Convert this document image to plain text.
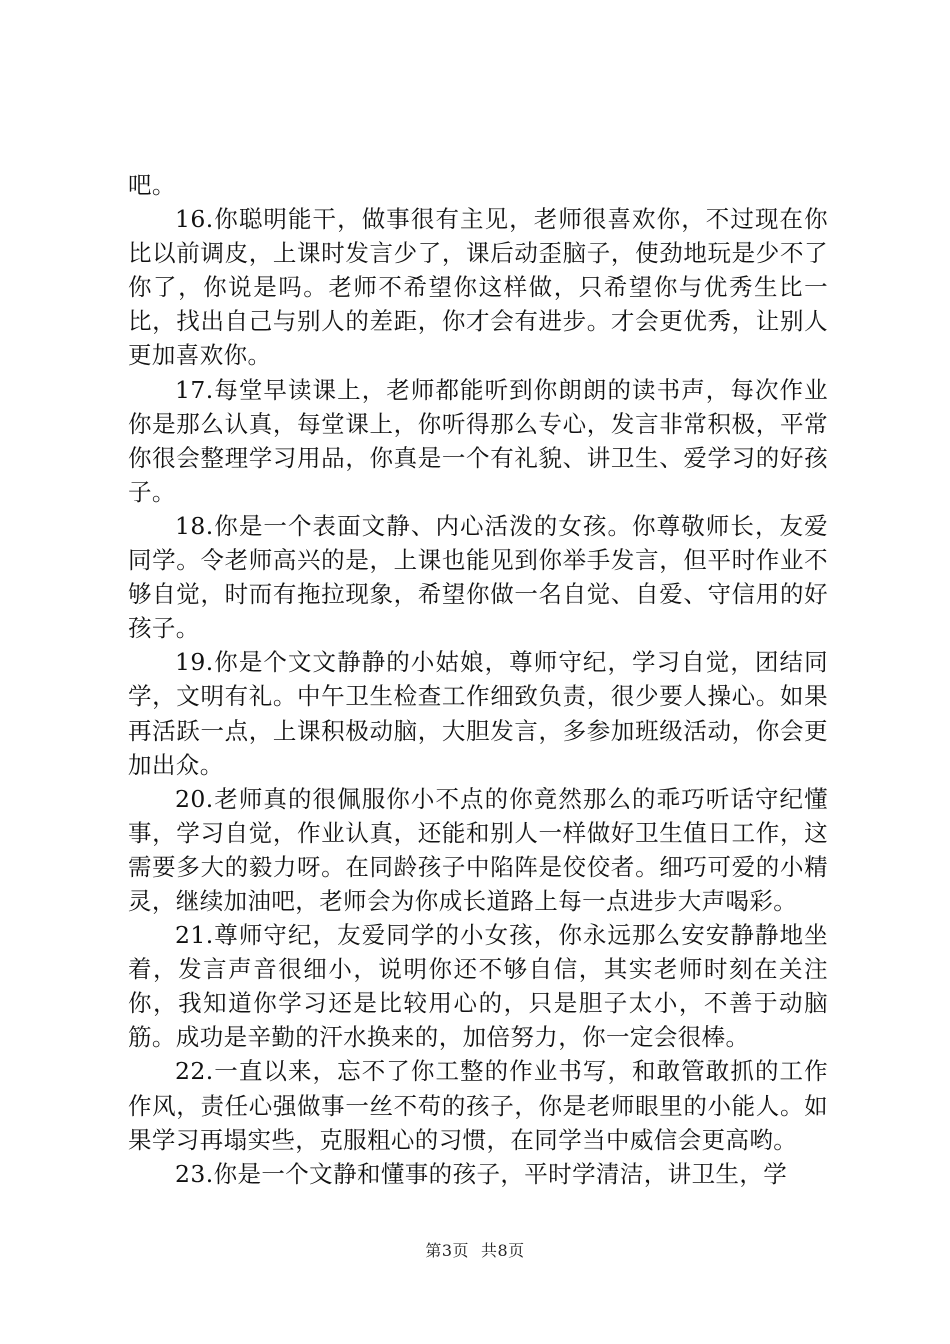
吧。

16.你聪明能干，做事很有主见，老师很喜欢你，不过现在你比以前调皮，上课时发言少了，课后动歪脑子，使劲地玩是少不了你了，你说是吗。老师不希望你这样做，只希望你与优秀生比一比，找出自己与别人的差距，你才会有进步。才会更优秀，让别人更加喜欢你。

17.每堂早读课上，老师都能听到你朗朗的读书声，每次作业你是那么认真，每堂课上，你听得那么专心，发言非常积极，平常你很会整理学习用品，你真是一个有礼貌、讲卫生、爱学习的好孩子。

18.你是一个表面文静、内心活泼的女孩。你尊敬师长，友爱同学。令老师高兴的是，上课也能见到你举手发言，但平时作业不够自觉，时而有拖拉现象，希望你做一名自觉、自爱、守信用的好孩子。

19.你是个文文静静的小姑娘，尊师守纪，学习自觉，团结同学，文明有礼。中午卫生检查工作细致负责，很少要人操心。如果再活跃一点，上课积极动脑，大胆发言，多参加班级活动，你会更加出众。

20.老师真的很佩服你小不点的你竟然那么的乖巧听话守纪懂事，学习自觉，作业认真，还能和别人一样做好卫生值日工作，这需要多大的毅力呀。在同龄孩子中陷阵是佼佼者。细巧可爱的小精灵，继续加油吧，老师会为你成长道路上每一点进步大声喝彩。

21.尊师守纪，友爱同学的小女孩，你永远那么安安静静地坐着，发言声音很细小，说明你还不够自信，其实老师时刻在关注你，我知道你学习还是比较用心的，只是胆子太小，不善于动脑筋。成功是辛勤的汗水换来的，加倍努力，你一定会很棒。

22.一直以来，忘不了你工整的作业书写，和敢管敢抓的工作作风，责任心强做事一丝不苟的孩子，你是老师眼里的小能人。如果学习再塌实些，克服粗心的习惯，在同学当中威信会更高哟。

23.你是一个文静和懂事的孩子，平时学清洁，讲卫生，学

第3页 共8页
